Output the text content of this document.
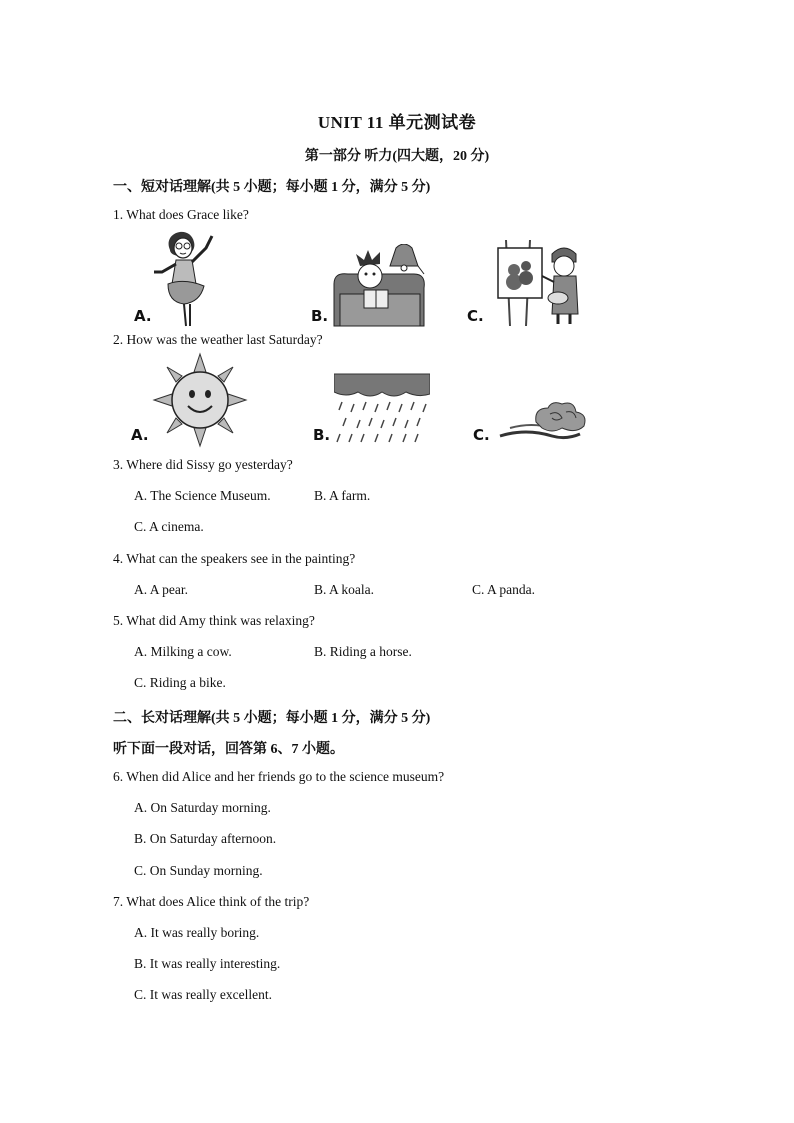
UNIT 11 单元测试卷
第一部分 听力(四大题，20 分)
一、短对话理解(共 5 小题；每小题 1 分，满分 5 分)
1. What does Grace like?
A.	B.	C.
2. How was the weather last Saturday?
A.	B.	C.
3. Where did Sissy go yesterday?
A. The Science Museum.	B. A farm.
C. A cinema.
4. What can the speakers see in the painting?
A. A pear.	B. A koala.	C. A panda.
5. What did Amy think was relaxing?
A. Milking a cow.	B. Riding a horse.
C. Riding a bike.
二、长对话理解(共 5 小题；每小题 1 分，满分 5 分)
听下面一段对话，回答第 6、7 小题。
6. When did Alice and her friends go to the science museum?
A. On Saturday morning.
B. On Saturday afternoon.
C. On Sunday morning.
7. What does Alice think of the trip?
A. It was really boring.
B. It was really interesting.
C. It was really excellent.
